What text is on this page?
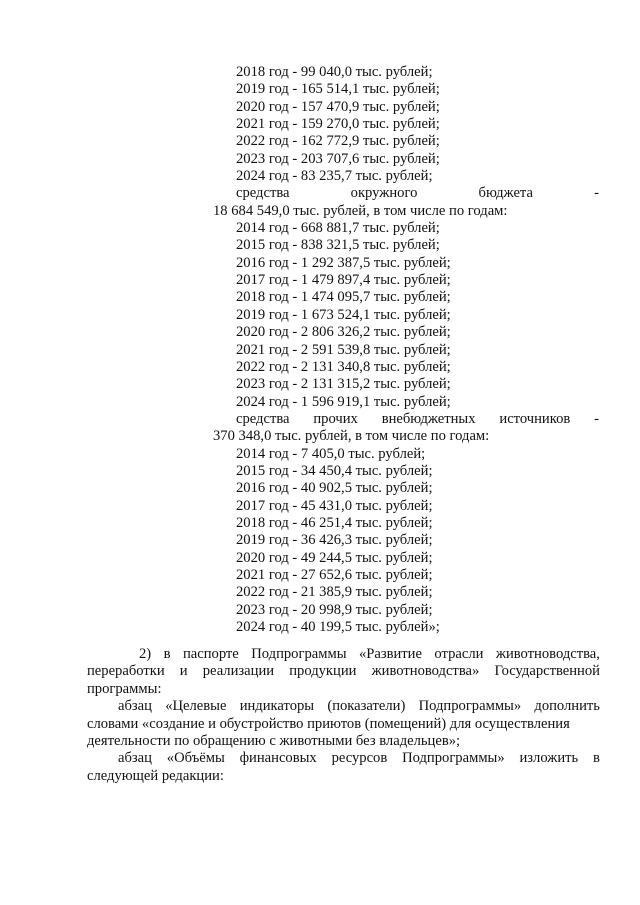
2018 год - 99 040,0 тыс. рублей;
2019 год - 165 514,1 тыс. рублей;
2020 год - 157 470,9 тыс. рублей;
2021 год - 159 270,0 тыс. рублей;
2022 год - 162 772,9 тыс. рублей;
2023 год - 203 707,6 тыс. рублей;
2024 год - 83 235,7 тыс. рублей;
средства	окружного	бюджета	-
18 684 549,0 тыс. рублей, в том числе по годам:
2014 год - 668 881,7 тыс. рублей;
2015 год - 838 321,5 тыс. рублей;
2016 год - 1 292 387,5 тыс. рублей;
2017 год - 1 479 897,4 тыс. рублей;
2018 год - 1 474 095,7 тыс. рублей;
2019 год - 1 673 524,1 тыс. рублей;
2020 год - 2 806 326,2 тыс. рублей;
2021 год - 2 591 539,8 тыс. рублей;
2022 год - 2 131 340,8 тыс. рублей;
2023 год - 2 131 315,2 тыс. рублей;
2024 год - 1 596 919,1 тыс. рублей;
средства прочих внебюджетных источников -
370 348,0 тыс. рублей, в том числе по годам:
2014 год - 7 405,0 тыс. рублей;
2015 год - 34 450,4 тыс. рублей;
2016 год - 40 902,5 тыс. рублей;
2017 год - 45 431,0 тыс. рублей;
2018 год - 46 251,4 тыс. рублей;
2019 год - 36 426,3 тыс. рублей;
2020 год - 49 244,5 тыс. рублей;
2021 год - 27 652,6 тыс. рублей;
2022 год - 21 385,9 тыс. рублей;
2023 год - 20 998,9 тыс. рублей;
2024 год - 40 199,5 тыс. рублей»;
2) в паспорте Подпрограммы «Развитие отрасли животноводства,
переработки и реализации продукции животноводства» Государственной
программы:
абзац «Целевые индикаторы (показатели) Подпрограммы» дополнить
словами «создание и обустройство приютов (помещений) для осуществления
деятельности по обращению с животными без владельцев»;
абзац «Объёмы финансовых ресурсов Подпрограммы» изложить в
следующей редакции:
